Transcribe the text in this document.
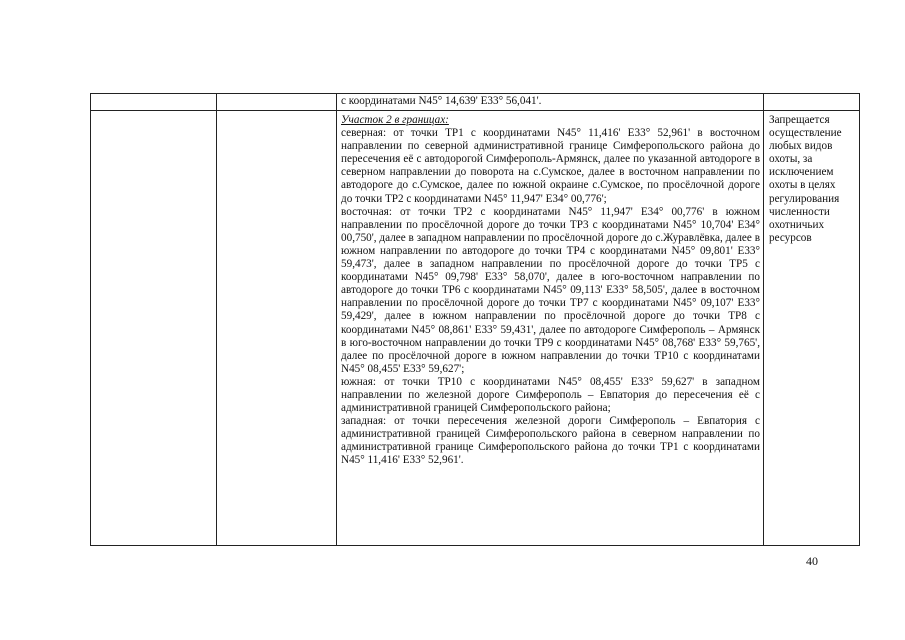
		с координатами N45° 14,639' E33° 56,041'.	

		Участок 2 в границах:
северная: от точки ТР1 с координатами N45° 11,416' E33° 52,961' в восточном направлении по северной административной границе Симферопольского района до пересечения её с автодорогой Симферополь-Армянск, далее по указанной автодороге в северном направлении до поворота на с.Сумское, далее в восточном направлении по автодороге до с.Сумское, далее по южной окраине с.Сумское, по просёлочной дороге до точки ТР2 с координатами N45° 11,947' E34° 00,776';
восточная: от точки ТР2 с координатами N45° 11,947' E34° 00,776' в южном направлении по просёлочной дороге до точки ТР3 с координатами N45° 10,704' E34° 00,750', далее в западном направлении по просёлочной дороге до с.Журавлёвка, далее в южном направлении по автодороге до точки ТР4 с координатами N45° 09,801' E33° 59,473', далее в западном направлении по просёлочной дороге до точки ТР5 с координатами N45° 09,798' E33° 58,070', далее в юго-восточном направлении по автодороге до точки ТР6 с координатами N45° 09,113' E33° 58,505', далее в восточном направлении по просёлочной дороге до точки ТР7 с координатами N45° 09,107' E33° 59,429', далее в южном направлении по просёлочной дороге до точки ТР8 с координатами N45° 08,861' E33° 59,431', далее по автодороге Симферополь – Армянск в юго-восточном направлении до точки ТР9 с координатами N45° 08,768' E33° 59,765', далее по просёлочной дороге в южном направлении до точки ТР10 с координатами N45° 08,455' E33° 59,627';
южная: от точки ТР10 с координатами N45° 08,455' E33° 59,627' в западном направлении по железной дороге Симферополь – Евпатория до пересечения её с административной границей Симферопольского района;
западная: от точки пересечения железной дороги Симферополь – Евпатория с административной границей Симферопольского района в северном направлении по административной границе Симферопольского района до точки ТР1 с координатами N45° 11,416' E33° 52,961'.	Запрещается осуществление любых видов охоты, за исключением охоты в целях регулирования численности охотничьих ресурсов
40
